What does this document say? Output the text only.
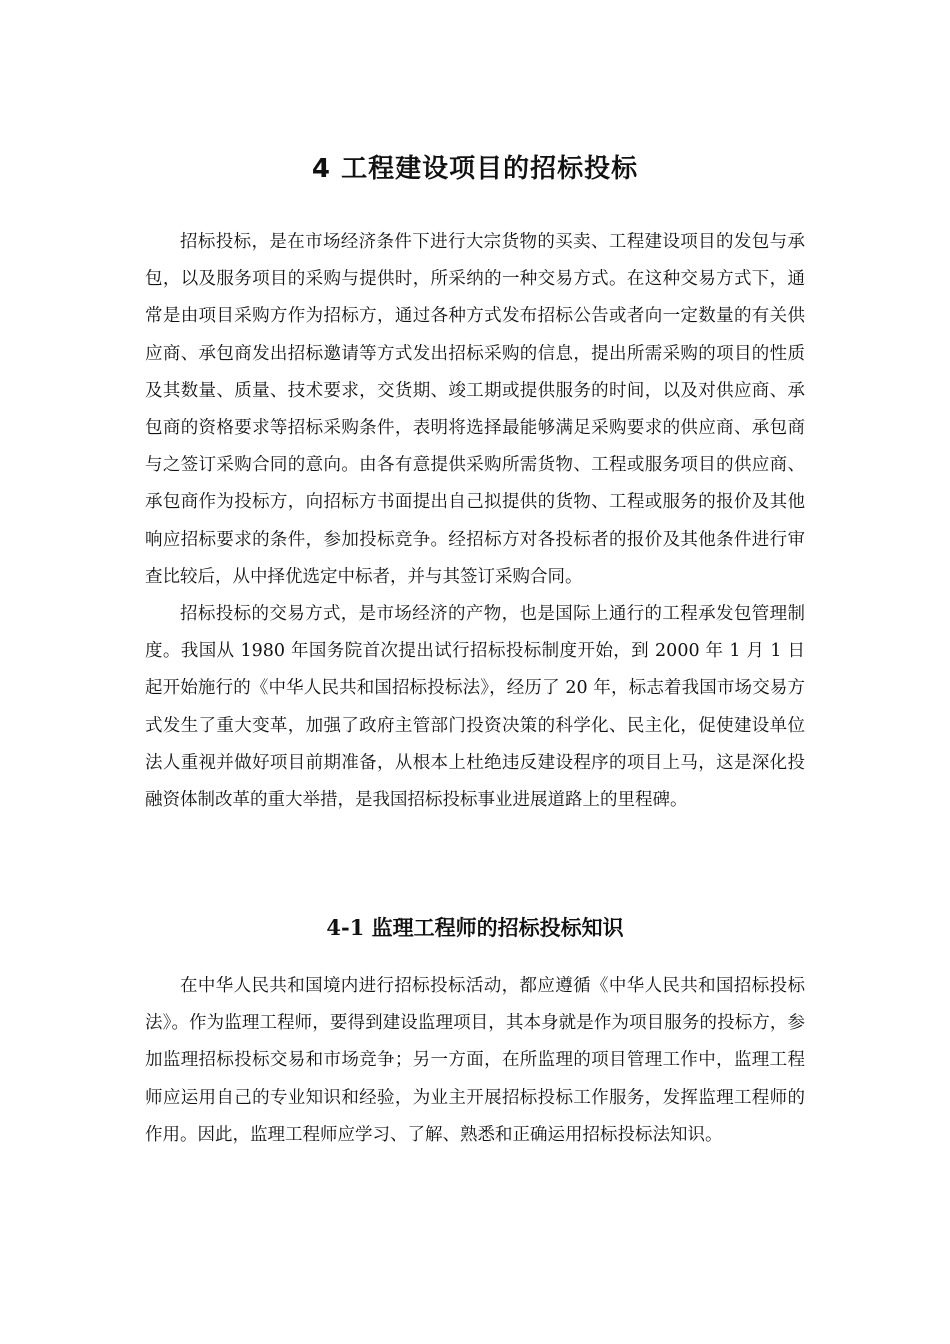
4 工程建设项目的招标投标

招标投标，是在市场经济条件下进行大宗货物的买卖、工程建设项目的发包与承包，以及服务项目的采购与提供时，所采纳的一种交易方式。在这种交易方式下，通常是由项目采购方作为招标方，通过各种方式发布招标公告或者向一定数量的有关供应商、承包商发出招标邀请等方式发出招标采购的信息，提出所需采购的项目的性质及其数量、质量、技术要求，交货期、竣工期或提供服务的时间，以及对供应商、承包商的资格要求等招标采购条件，表明将选择最能够满足采购要求的供应商、承包商与之签订采购合同的意向。由各有意提供采购所需货物、工程或服务项目的供应商、承包商作为投标方，向招标方书面提出自己拟提供的货物、工程或服务的报价及其他响应招标要求的条件，参加投标竞争。经招标方对各投标者的报价及其他条件进行审查比较后，从中择优选定中标者，并与其签订采购合同。

招标投标的交易方式，是市场经济的产物，也是国际上通行的工程承发包管理制度。我国从 1980 年国务院首次提出试行招标投标制度开始，到 2000 年 1 月 1 日起开始施行的《中华人民共和国招标投标法》，经历了 20 年，标志着我国市场交易方式发生了重大变革，加强了政府主管部门投资决策的科学化、民主化，促使建设单位法人重视并做好项目前期准备，从根本上杜绝违反建设程序的项目上马，这是深化投融资体制改革的重大举措，是我国招标投标事业进展道路上的里程碑。

4-1 监理工程师的招标投标知识

在中华人民共和国境内进行招标投标活动，都应遵循《中华人民共和国招标投标法》。作为监理工程师，要得到建设监理项目，其本身就是作为项目服务的投标方，参加监理招标投标交易和市场竞争；另一方面，在所监理的项目管理工作中，监理工程师应运用自己的专业知识和经验，为业主开展招标投标工作服务，发挥监理工程师的作用。因此，监理工程师应学习、了解、熟悉和正确运用招标投标法知识。
